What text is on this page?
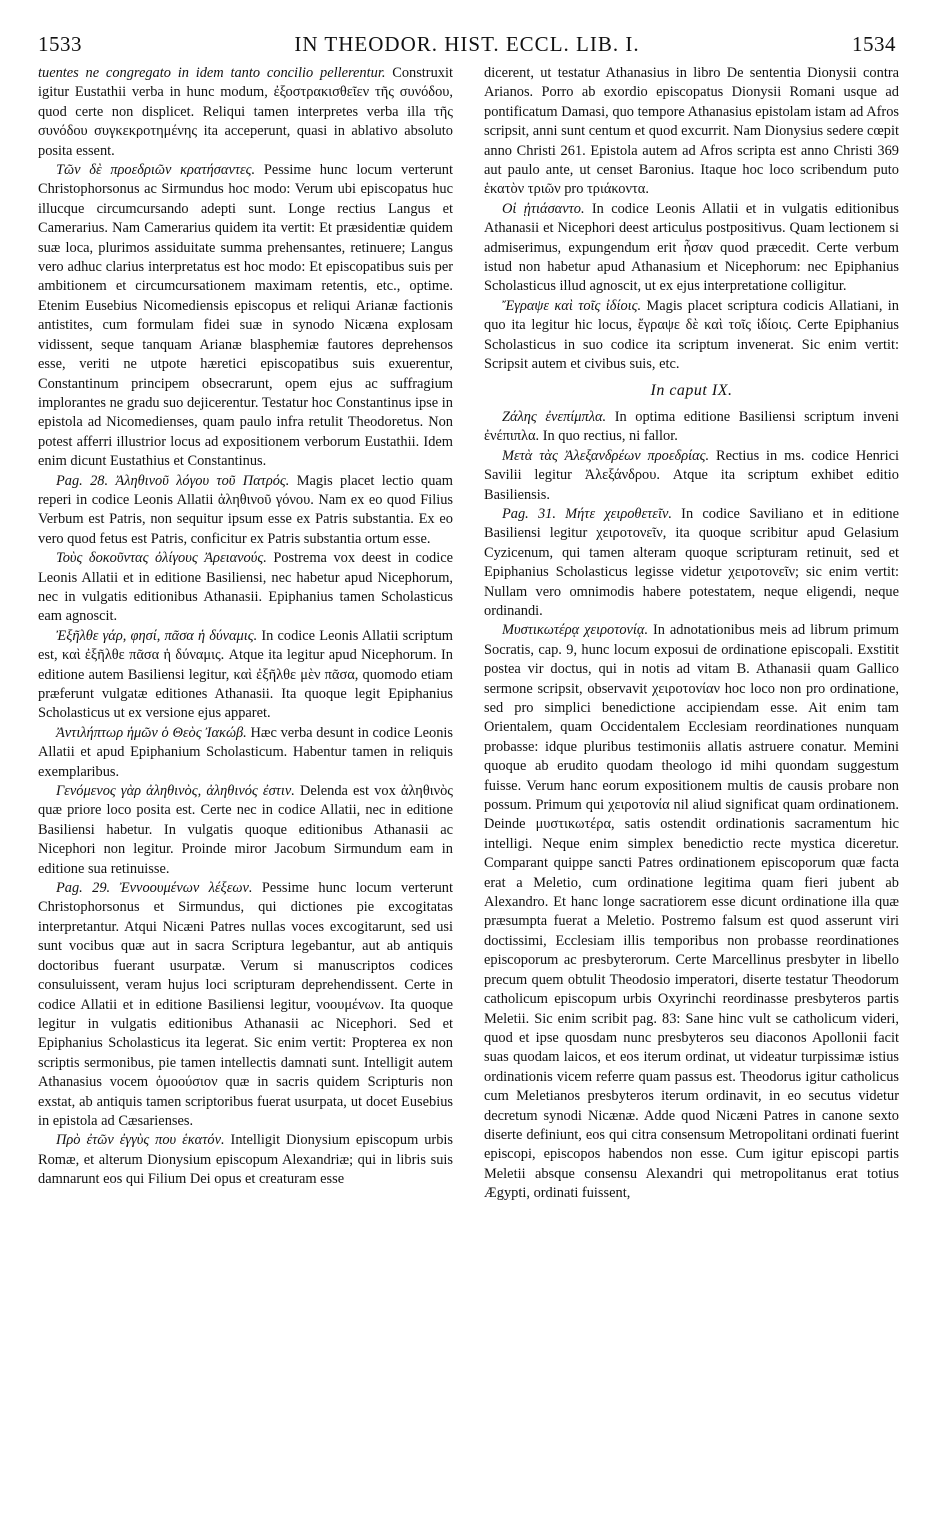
1533	IN THEODOR. HIST. ECCL. LIB. I.	1534

tuentes ne congregato in idem tanto concilio pellerentur. Construxit igitur Eustathii verba in hunc modum, ἐξοστρακισθεῖεν τῆς συνόδου, quod certe non displicet. Reliqui tamen interpretes verba illa τῆς συνόδου συγκεκροτημένης ita acceperunt, quasi in ablativo absoluto posita essent.

Τῶν δὲ προεδριῶν κρατήσαντες. Pessime hunc locum verterunt Christophorsonus ac Sirmundus hoc modo: Verum ubi episcopatus huc illucque circumcursando adepti sunt. Longe rectius Langus et Camerarius. Nam Camerarius quidem ita vertit: Et præsidentiæ quidem suæ loca, plurimos assiduitate summa prehensantes, retinuere; Langus vero adhuc clarius interpretatus est hoc modo: Et episcopatibus suis per ambitionem et circumcursationem maximam retentis, etc., optime. Etenim Eusebius Nicomediensis episcopus et reliqui Arianæ factionis antistites, cum formulam fidei suæ in synodo Nicæna explosam vidissent, seque tanquam Arianæ blasphemiæ fautores deprehensos esse, veriti ne utpote hæretici episcopatibus suis exuerentur, Constantinum principem obsecrarunt, opem ejus ac suffragium implorantes ne gradu suo dejicerentur. Testatur hoc Constantinus ipse in epistola ad Nicomedienses, quam paulo infra retulit Theodoretus. Non potest afferri illustrior locus ad expositionem verborum Eustathii. Idem enim dicunt Eustathius et Constantinus.

Pag. 28. Ἀληθινοῦ λόγου τοῦ Πατρός. Magis placet lectio quam reperi in codice Leonis Allatii ἀληθινοῦ γόνου. Nam ex eo quod Filius Verbum est Patris, non sequitur ipsum esse ex Patris substantia. Ex eo vero quod fetus est Patris, conficitur ex Patris substantia ortum esse.

Τοὺς δοκοῦντας ὀλίγους Ἀρειανούς. Postrema vox deest in codice Leonis Allatii et in editione Basiliensi, nec habetur apud Nicephorum, nec in vulgatis editionibus Athanasii. Epiphanius tamen Scholasticus eam agnoscit.

Ἐξῆλθε γάρ, φησί, πᾶσα ἡ δύναμις. In codice Leonis Allatii scriptum est, καὶ ἐξῆλθε πᾶσα ἡ δύναμις. Atque ita legitur apud Nicephorum. In editione autem Basiliensi legitur, καὶ ἐξῆλθε μὲν πᾶσα, quomodo etiam præferunt vulgatæ editiones Athanasii. Ita quoque legit Epiphanius Scholasticus ut ex versione ejus apparet.

Ἀντιλήπτωρ ἡμῶν ὁ Θεὸς Ἰακώβ. Hæc verba desunt in codice Leonis Allatii et apud Epiphanium Scholasticum. Habentur tamen in reliquis exemplaribus.

Γενόμενος γὰρ ἀληθινὸς, ἀληθινός ἐστιν. Delenda est vox ἀληθινὸς quæ priore loco posita est. Certe nec in codice Allatii, nec in editione Basiliensi habetur. In vulgatis quoque editionibus Athanasii ac Nicephori non legitur. Proinde miror Jacobum Sirmundum eam in editione sua retinuisse.

Pag. 29. Ἐννοουμένων λέξεων. Pessime hunc locum verterunt Christophorsonus et Sirmundus, qui dictiones pie excogitatas interpretantur. Atqui Nicæni Patres nullas voces excogitarunt, sed usi sunt vocibus quæ aut in sacra Scriptura legebantur, aut ab antiquis doctoribus fuerant usurpatæ. Verum si manuscriptos codices consuluissent, veram hujus loci scripturam deprehendissent. Certe in codice Allatii et in editione Basiliensi legitur, νοουμένων. Ita quoque legitur in vulgatis editionibus Athanasii ac Nicephori. Sed et Epiphanius Scholasticus ita legerat. Sic enim vertit: Propterea ex non scriptis sermonibus, pie tamen intellectis damnati sunt. Intelligit autem Athanasius vocem ὁμοούσιον quæ in sacris quidem Scripturis non exstat, ab antiquis tamen scriptoribus fuerat usurpata, ut docet Eusebius in epistola ad Cæsarienses.

Πρὸ ἐτῶν ἐγγὺς που ἑκατόν. Intelligit Dionysium episcopum urbis Romæ, et alterum Dionysium episcopum Alexandriæ; qui in libris suis damnarunt eos qui Filium Dei opus et creaturam esse

dicerent, ut testatur Athanasius in libro De sententia Dionysii contra Arianos. Porro ab exordio episcopatus Dionysii Romani usque ad pontificatum Damasi, quo tempore Athanasius epistolam istam ad Afros scripsit, anni sunt centum et quod excurrit. Nam Dionysius sedere cœpit anno Christi 261. Epistola autem ad Afros scripta est anno Christi 369 aut paulo ante, ut censet Baronius. Itaque hoc loco scribendum puto ἑκατὸν τριῶν pro τριάκοντα.

Οἱ ᾐτιάσαντο. In codice Leonis Allatii et in vulgatis editionibus Athanasii et Nicephori deest articulus postpositivus. Quam lectionem si admiserimus, expungendum erit ἧσαν quod præcedit. Certe verbum istud non habetur apud Athanasium et Nicephorum: nec Epiphanius Scholasticus illud agnoscit, ut ex ejus interpretatione colligitur.

Ἔγραψε καὶ τοῖς ἰδίοις. Magis placet scriptura codicis Allatiani, in quo ita legitur hic locus, ἔγραψε δὲ καὶ τοῖς ἰδίοις. Certe Epiphanius Scholasticus in suo codice ita scriptum invenerat. Sic enim vertit: Scripsit autem et civibus suis, etc.

In caput IX.

Ζάλης ἐνεπίμπλα. In optima editione Basiliensi scriptum inveni ἐνέπιπλα. In quo rectius, ni fallor.

Μετὰ τὰς Ἀλεξανδρέων προεδρίας. Rectius in ms. codice Henrici Savilii legitur Ἀλεξάνδρου. Atque ita scriptum exhibet editio Basiliensis.

Pag. 31. Μήτε χειροθετεῖν. In codice Saviliano et in editione Basiliensi legitur χειροτονεῖν, ita quoque scribitur apud Gelasium Cyzicenum, qui tamen alteram quoque scripturam retinuit, sed et Epiphanius Scholasticus legisse videtur χειροτονεῖν; sic enim vertit: Nullam vero omnimodis habere potestatem, neque eligendi, neque ordinandi.

Μυστικωτέρᾳ χειροτονίᾳ. In adnotationibus meis ad librum primum Socratis, cap. 9, hunc locum exposui de ordinatione episcopali. Exstitit postea vir doctus, qui in notis ad vitam B. Athanasii quam Gallico sermone scripsit, observavit χειροτονίαν hoc loco non pro ordinatione, sed pro simplici benedictione accipiendam esse. Ait enim tam Orientalem, quam Occidentalem Ecclesiam reordinationes nunquam probasse: idque pluribus testimoniis allatis astruere conatur. Memini quoque ab erudito quodam theologo id mihi quondam suggestum fuisse. Verum hanc eorum expositionem multis de causis probare non possum. Primum qui χειροτονία nil aliud significat quam ordinationem. Deinde μυστικωτέρα, satis ostendit ordinationis sacramentum hic intelligi. Neque enim simplex benedictio recte mystica diceretur. Comparant quippe sancti Patres ordinationem episcoporum quæ facta erat a Meletio, cum ordinatione legitima quam fieri jubent ab Alexandro. Et hanc longe sacratiorem esse dicunt ordinatione illa quæ præsumpta fuerat a Meletio. Postremo falsum est quod asserunt viri doctissimi, Ecclesiam illis temporibus non probasse reordinationes episcoporum ac presbyterorum. Certe Marcellinus presbyter in libello precum quem obtulit Theodosio imperatori, diserte testatur Theodorum catholicum episcopum urbis Oxyrinchi reordinasse presbyteros partis Meletii. Sic enim scribit pag. 83: Sane hinc vult se catholicum videri, quod et ipse quosdam nunc presbyteros seu diaconos Apollonii facit suas quodam laicos, et eos iterum ordinat, ut videatur turpissimæ istius ordinationis vicem referre quam passus est. Theodorus igitur catholicus cum Meletianos presbyteros iterum ordinavit, in eo secutus videtur decretum synodi Nicænæ. Adde quod Nicæni Patres in canone sexto diserte definiunt, eos qui citra consensum Metropolitani ordinati fuerint episcopi, episcopos habendos non esse. Cum igitur episcopi partis Meletii absque consensu Alexandri qui metropolitanus erat totius Ægypti, ordinati fuissent,
